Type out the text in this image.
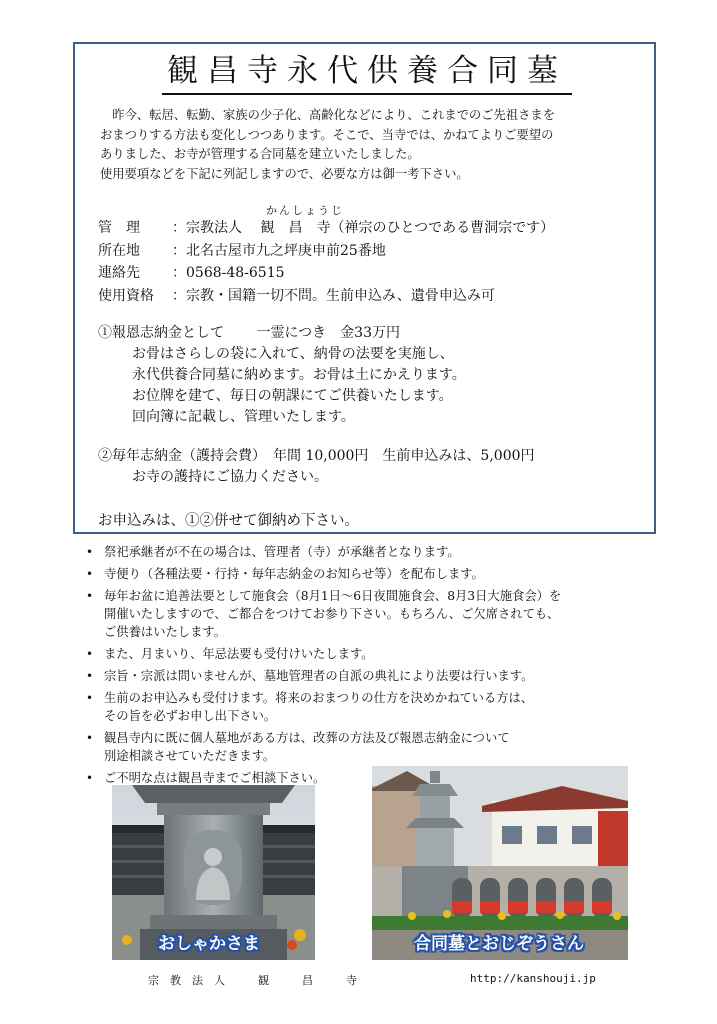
観昌寺永代供養合同墓

　昨今、転居、転勤、家族の少子化、高齢化などにより、これまでのご先祖さまを

おまつりする方法も変化しつつあります。そこで、当寺では、かねてよりご要望の

ありました、お寺が管理する合同墓を建立いたしました。

使用要項などを下記に列記しますので、必要な方は御一考下さい。

かんしょうじ
管　理 ：宗教法人　 観　昌　寺（禅宗のひとつである曹洞宗です）
所在地 ：北名古屋市九之坪庚申前25番地
連絡先 ：0568-48-6515
使用資格 ：宗教・国籍一切不問。生前申込み、遺骨申込み可
①報恩志納金として　　 一霊につき　金33万円
お骨はさらしの袋に入れて、納骨の法要を実施し、
永代供養合同墓に納めます。お骨は土にかえります。
お位牌を建て、毎日の朝課にてご供養いたします。
回向簿に記載し、管理いたします。
②毎年志納金（護持会費）　年間 10,000円　生前申込みは、5,000円
お寺の護持にご協力ください。
お申込みは、①②併せて御納め下さい。
• 祭祀承継者が不在の場合は、管理者（寺）が承継者となります。
• 寺便り（各種法要・行持・毎年志納金のお知らせ等）を配布します。
• 毎年お盆に追善法要として施食会（8月1日～6日夜間施食会、8月3日大施食会）を
開催いたしますので、ご都合をつけてお参り下さい。もちろん、ご欠席されても、
ご供養はいたします。
• また、月まいり、年忌法要も受付けいたします。
• 宗旨・宗派は問いませんが、墓地管理者の自派の典礼により法要は行います。
• 生前のお申込みも受付けます。将来のおまつりの仕方を決めかねている方は、
その旨を必ずお申し出下さい。
• 観昌寺内に既に個人墓地がある方は、改葬の方法及び報恩志納金について
別途相談させていただきます。
• ご不明な点は観昌寺までご相談下さい。
おしゃかさま	合同墓とおじぞうさん
宗　教　法　人　　　観　　　昌　　　寺	http://kanshouji.jp
